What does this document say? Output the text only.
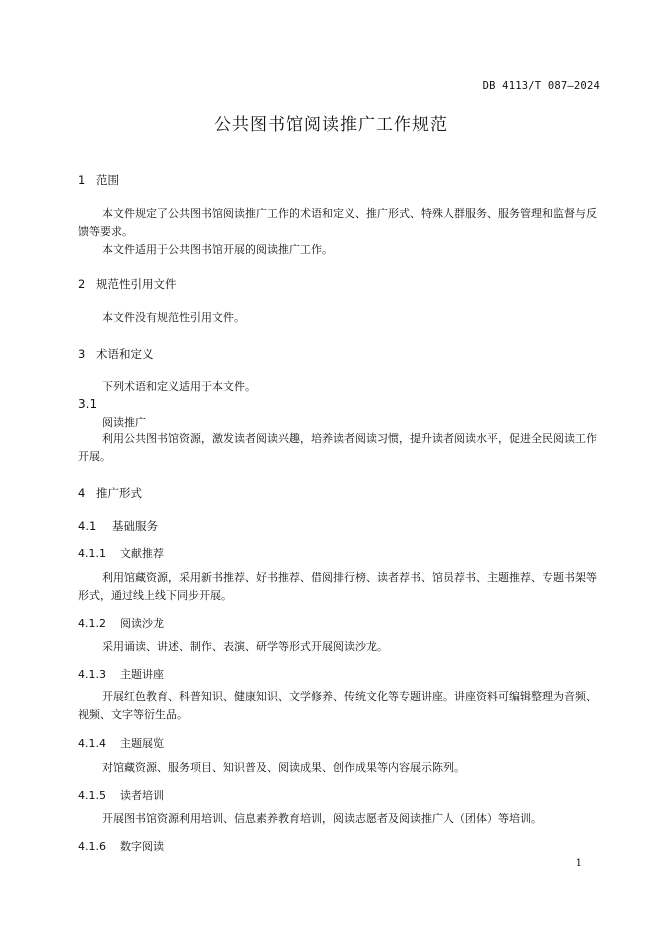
DB 4113/T 087—2024
公共图书馆阅读推广工作规范
1 范围

本文件规定了公共图书馆阅读推广工作的术语和定义、推广形式、特殊人群服务、服务管理和监督与反馈等要求。

本文件适用于公共图书馆开展的阅读推广工作。

2 规范性引用文件

本文件没有规范性引用文件。

3 术语和定义

下列术语和定义适用于本文件。

3.1
阅读推广

利用公共图书馆资源，激发读者阅读兴趣，培养读者阅读习惯，提升读者阅读水平，促进全民阅读工作开展。

4 推广形式
4.1 基础服务
4.1.1 文献推荐

利用馆藏资源，采用新书推荐、好书推荐、借阅排行榜、读者荐书、馆员荐书、主题推荐、专题书架等形式，通过线上线下同步开展。

4.1.2 阅读沙龙

采用诵读、讲述、制作、表演、研学等形式开展阅读沙龙。

4.1.3 主题讲座

开展红色教育、科普知识、健康知识、文学修养、传统文化等专题讲座。讲座资料可编辑整理为音频、视频、文字等衍生品。

4.1.4 主题展览

对馆藏资源、服务项目、知识普及、阅读成果、创作成果等内容展示陈列。

4.1.5 读者培训

开展图书馆资源利用培训、信息素养教育培训，阅读志愿者及阅读推广人（团体）等培训。

4.1.6 数字阅读
1
